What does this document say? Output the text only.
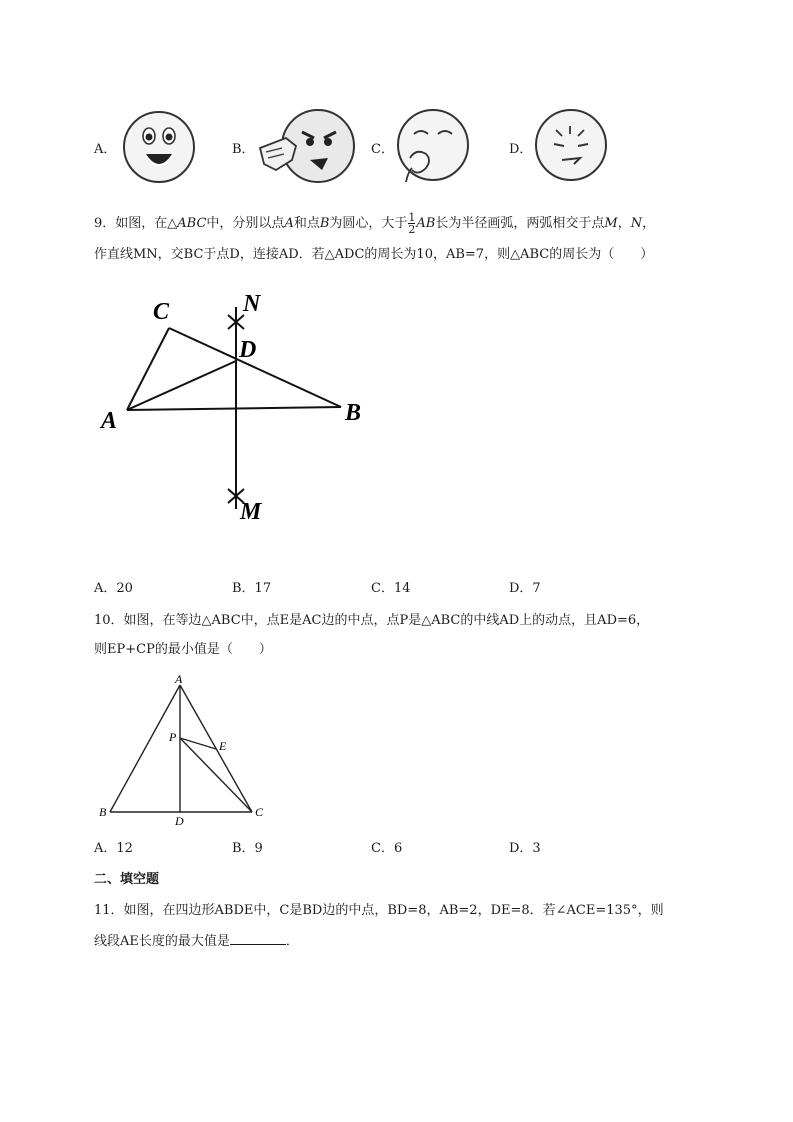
A．	B．	C．	D．
9．如图，在△ABC中，分别以点A和点B为圆心，大于 $\frac{1}{2}$ AB长为半径画弧，两弧相交于点M，N，
作直线MN，交BC于点D，连接AD．若△ADC的周长为10，AB=7，则△ABC的周长为（　　）
C	N
D
A	B
M
A．20	B．17	C．14	D．7
10．如图，在等边△ABC中，点E是AC边的中点，点P是△ABC的中线AD上的动点，且AD=6，
则EP+CP的最小值是（　　）
A
P
E
B	C
D
A．12	B．9	C．6	D．3
二、填空题
11．如图，在四边形ABDE中，C是BD边的中点，BD=8，AB=2，DE=8．若∠ACE=135°，则
线段AE长度的最大值是	．
